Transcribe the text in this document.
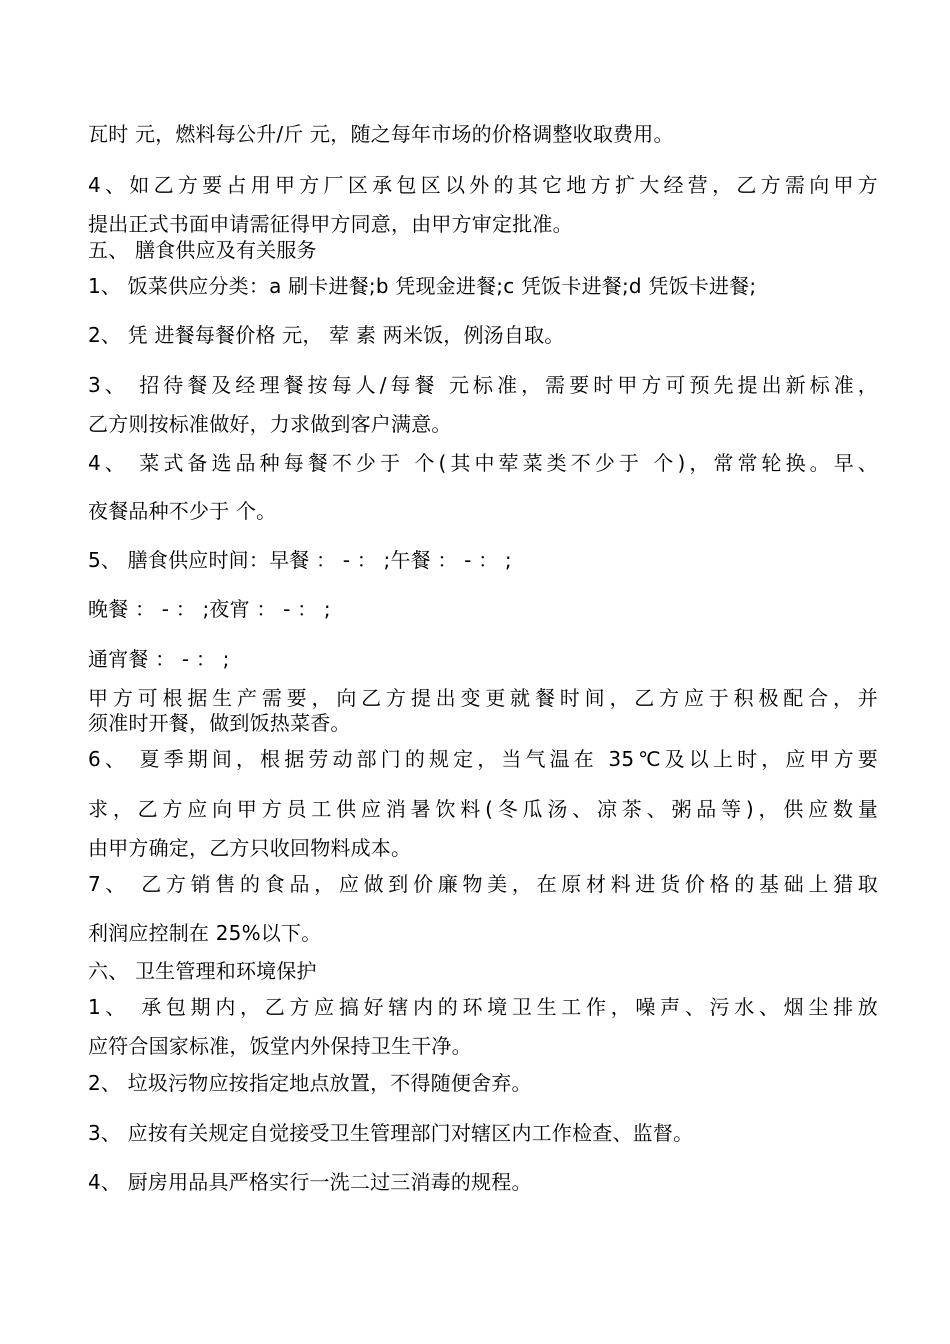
瓦时 元，燃料每公升/斤 元，随之每年市场的价格调整收取费用。
4、如乙方要占用甲方厂区承包区以外的其它地方扩大经营，乙方需向甲方
提出正式书面申请需征得甲方同意，由甲方审定批准。
五、 膳食供应及有关服务
1、 饭菜供应分类：a 刷卡进餐;b 凭现金进餐;c 凭饭卡进餐;d 凭饭卡进餐;
2、 凭 进餐每餐价格 元， 荤 素 两米饭，例汤自取。
3、 招待餐及经理餐按每人/每餐 元标准，需要时甲方可预先提出新标准，
乙方则按标准做好，力求做到客户满意。
4、 菜式备选品种每餐不少于 个(其中荤菜类不少于 个)，常常轮换。早、
夜餐品种不少于 个。
5、 膳食供应时间：早餐 ： - ： ;午餐 ： - ： ;
晚餐 ： - ： ;夜宵 ： - ： ;
通宵餐 ： - ： ;
甲方可根据生产需要，向乙方提出变更就餐时间，乙方应于积极配合，并
须准时开餐，做到饭热菜香。
6、 夏季期间，根据劳动部门的规定，当气温在 35℃及以上时，应甲方要
求，乙方应向甲方员工供应消暑饮料(冬瓜汤、凉茶、粥品等)，供应数量
由甲方确定，乙方只收回物料成本。
7、 乙方销售的食品，应做到价廉物美，在原材料进货价格的基础上猎取
利润应控制在 25%以下。
六、 卫生管理和环境保护
1、 承包期内，乙方应搞好辖内的环境卫生工作，噪声、污水、烟尘排放
应符合国家标准，饭堂内外保持卫生干净。
2、 垃圾污物应按指定地点放置，不得随便舍弃。
3、 应按有关规定自觉接受卫生管理部门对辖区内工作检查、监督。
4、 厨房用品具严格实行一洗二过三消毒的规程。
